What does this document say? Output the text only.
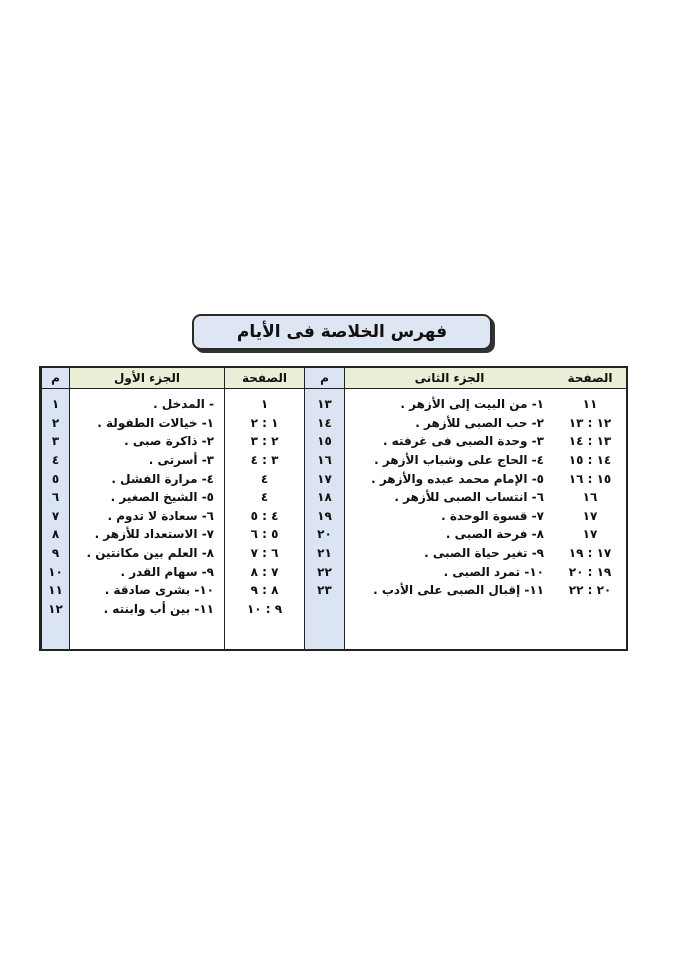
فهرس الخلاصة فى الأيام
م
١
٢
٣
٤
٥
٦
٧
٨
٩
١٠
١١
١٢
الجزء الأول
- المدخل .
١- خيالات الطفولة .
٢- ذاكرة صبى .
٣- أسرتى .
٤- مرارة الفشل .
٥- الشيخ الصغير .
٦- سعادة لا تدوم .
٧- الاستعداد للأزهر .
٨- العلم بين مكانتين .
٩- سهام القدر .
١٠- بشرى صادقة .
١١- بين أب وابنته .
الصفحة
١
١ : ٢
٢ : ٣
٣ : ٤
٤
٤
٤ : ٥
٥ : ٦
٦ : ٧
٧ : ٨
٨ : ٩
٩ : ١٠
م
١٣
١٤
١٥
١٦
١٧
١٨
١٩
٢٠
٢١
٢٢
٢٣
الجزء الثانى
١- من البيت إلى الأزهر .
٢- حب الصبى للأزهر .
٣- وحدة الصبى فى غرفته .
٤- الحاج على وشباب الأزهر .
٥- الإمام محمد عبده والأزهر .
٦- انتساب الصبى للأزهر .
٧- قسوة الوحدة .
٨- فرحة الصبى .
٩- تغير حياة الصبى .
١٠- تمرد الصبى .
١١- إقبال الصبى على الأدب .
الصفحة
١١
١٢ : ١٣
١٣ : ١٤
١٤ : ١٥
١٥ : ١٦
١٦
١٧
١٧
١٧ : ١٩
١٩ : ٢٠
٢٠ : ٢٢
